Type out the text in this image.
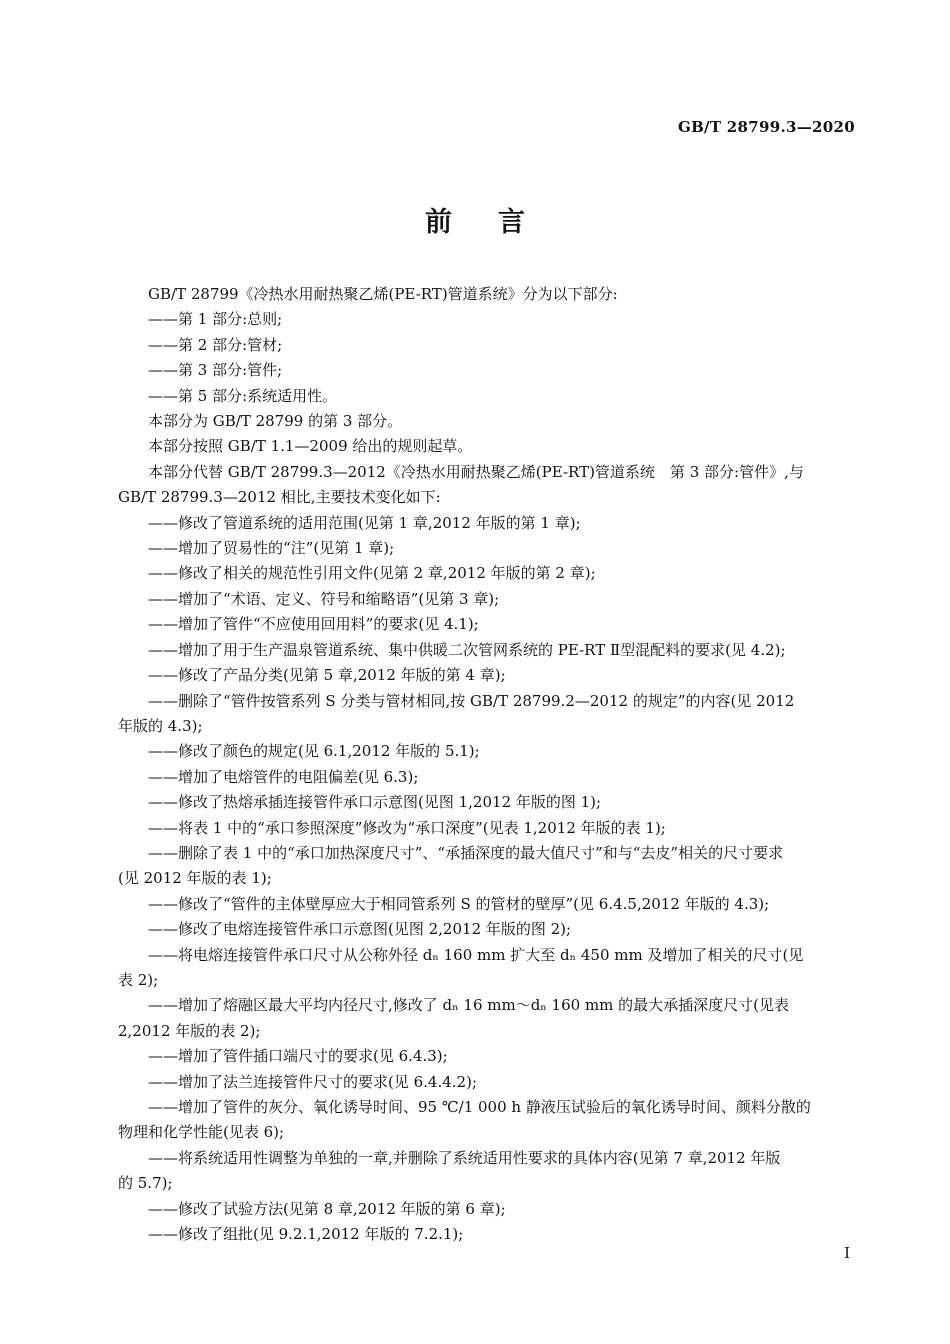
GB/T 28799.3—2020
前言

GB/T 28799《冷热水用耐热聚乙烯(PE-RT)管道系统》分为以下部分:

——第 1 部分:总则;

——第 2 部分:管材;

——第 3 部分:管件;

——第 5 部分:系统适用性。

本部分为 GB/T 28799 的第 3 部分。

本部分按照 GB/T 1.1—2009 给出的规则起草。

本部分代替 GB/T 28799.3—2012《冷热水用耐热聚乙烯(PE-RT)管道系统　第 3 部分:管件》,与

GB/T 28799.3—2012 相比,主要技术变化如下:

——修改了管道系统的适用范围(见第 1 章,2012 年版的第 1 章);

——增加了贸易性的“注”(见第 1 章);

——修改了相关的规范性引用文件(见第 2 章,2012 年版的第 2 章);

——增加了“术语、定义、符号和缩略语”(见第 3 章);

——增加了管件“不应使用回用料”的要求(见 4.1);

——增加了用于生产温泉管道系统、集中供暖二次管网系统的 PE-RT Ⅱ型混配料的要求(见 4.2);

——修改了产品分类(见第 5 章,2012 年版的第 4 章);

——删除了“管件按管系列 S 分类与管材相同,按 GB/T 28799.2—2012 的规定”的内容(见 2012

年版的 4.3);

——修改了颜色的规定(见 6.1,2012 年版的 5.1);

——增加了电熔管件的电阻偏差(见 6.3);

——修改了热熔承插连接管件承口示意图(见图 1,2012 年版的图 1);

——将表 1 中的“承口参照深度”修改为“承口深度”(见表 1,2012 年版的表 1);

——删除了表 1 中的“承口加热深度尺寸”、“承插深度的最大值尺寸”和与“去皮”相关的尺寸要求

(见 2012 年版的表 1);

——修改了“管件的主体壁厚应大于相同管系列 S 的管材的壁厚”(见 6.4.5,2012 年版的 4.3);

——修改了电熔连接管件承口示意图(见图 2,2012 年版的图 2);

——将电熔连接管件承口尺寸从公称外径 dₙ 160 mm 扩大至 dₙ 450 mm 及增加了相关的尺寸(见

表 2);

——增加了熔融区最大平均内径尺寸,修改了 dₙ 16 mm～dₙ 160 mm 的最大承插深度尺寸(见表

2,2012 年版的表 2);

——增加了管件插口端尺寸的要求(见 6.4.3);

——增加了法兰连接管件尺寸的要求(见 6.4.4.2);

——增加了管件的灰分、氧化诱导时间、95 ℃/1 000 h 静液压试验后的氧化诱导时间、颜料分散的

物理和化学性能(见表 6);

——将系统适用性调整为单独的一章,并删除了系统适用性要求的具体内容(见第 7 章,2012 年版

的 5.7);

——修改了试验方法(见第 8 章,2012 年版的第 6 章);

——修改了组批(见 9.2.1,2012 年版的 7.2.1);

I
